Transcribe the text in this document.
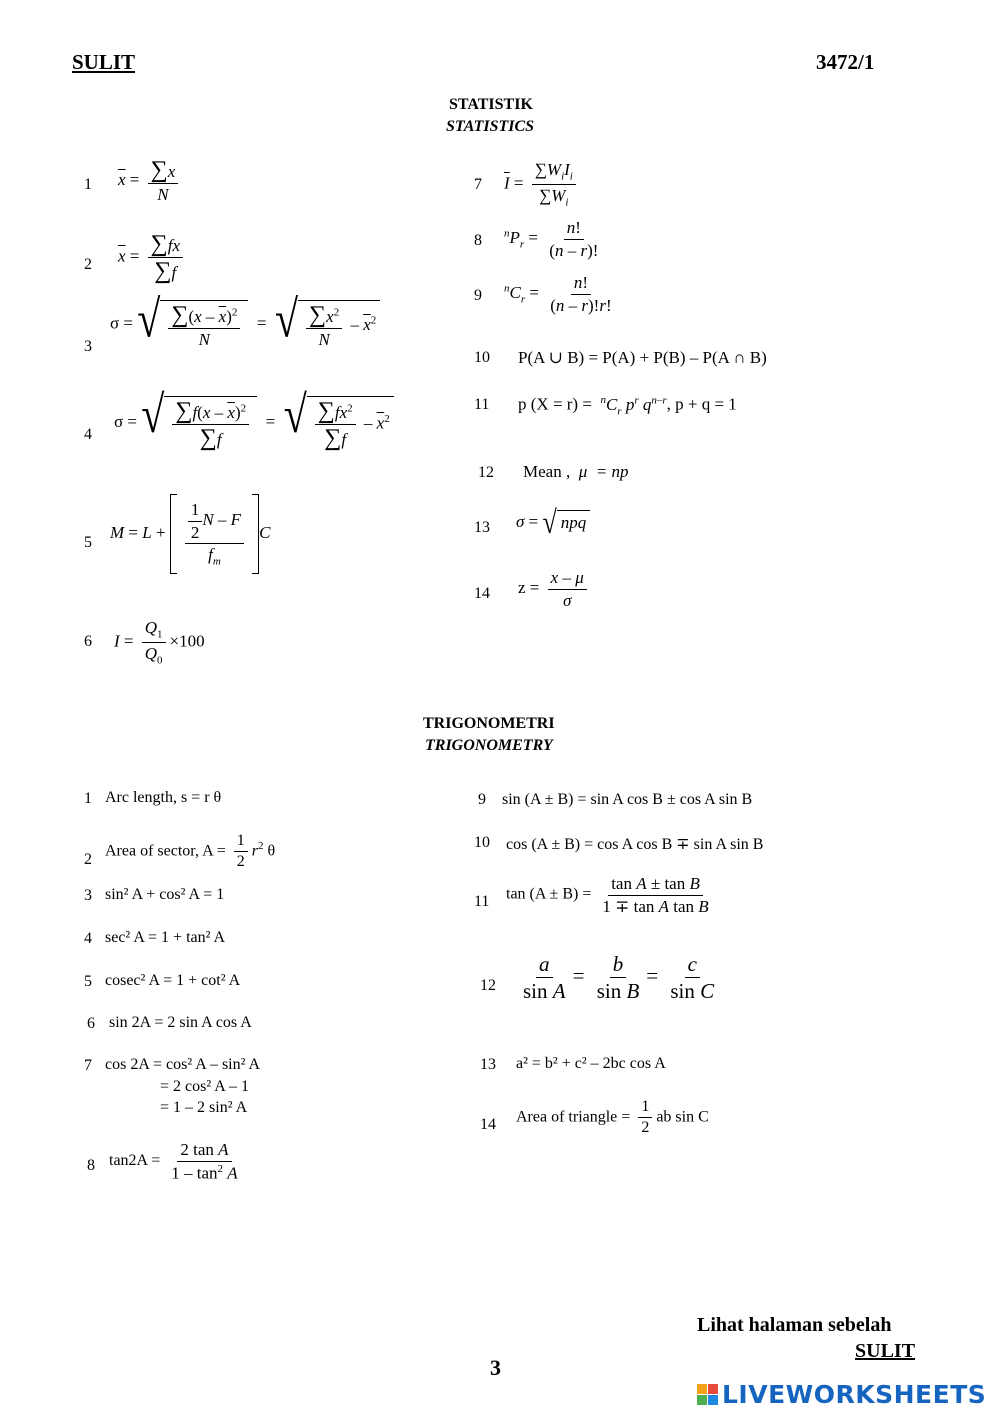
SULIT	3472/1
STATISTIK
STATISTICS
1 $\overline{x} = \frac{\sum x}{N}$
2 $\overline{x} = \frac{\sum fx}{\sum f}$
3
σ = √ $\frac{\sum(x - \overline{x})^2}{N}$ = √ $\frac{\sum x^2}{N} - \overline{x}^2$
4
σ = √ $\frac{\sum f(x - \overline{x})^2}{\sum f}$ = √ $\frac{\sum fx^2}{\sum f} - \overline{x}^2$
5
$M = L + \frac{\frac{1}{2} N - F}{f_m}$ C
6 $I = \frac{Q_1}{Q_0} \times 100$
7 $\overline{I} = \frac{\sum W_iI_i}{\sum W_i}$
8 $^nP_r = \frac{n!}{(n - r)!}$
9 $^nC_r = \frac{n!}{(n - r)!r!}$
10 P(A ∪ B) = P(A) + P(B) – P(A ∩ B)
11 p $(X = r) = ^nC_r$ $p^r$ $q^{n-r}$, p + q = 1
12 Mean , μ = np
13 σ = √ npq
14 $z = \frac{x - \mu}{\sigma}$
TRIGONOMETRI
TRIGONOMETRY
1 Arc length, s = r θ
2 Area of sector, $A = \frac{1}{2} r^2$ θ
3 sin² A + cos² A = 1
4 sec² A = 1 + tan² A
5 cosec² A = 1 + cot² A
6 sin 2A = 2 sin A cos A
7 cos 2A = cos² A – sin² A
= 2 cos² A – 1
= 1 – 2 sin² A
8 $\tan 2A = \frac{\text{2 tan A}}{1 - \tan^2 A}$
9 sin (A ± B) = sin A cos B ± cos A sin B
10 cos (A ± B) = cos A cos B ∓ sin A sin B
11 $\tan (A \pm B) = \frac{\text{tan A ± tan B}}{\text{1 ∓ tan A tan B}}$
$12 \frac{a}{\text{sin A}} = \frac{b}{\text{sin B}} = \frac{c}{\text{sin C}}$
13 a² = b² + c² – 2bc cos A
14 Area of triangle = $\frac{1}{2}$ ab sin C
Lihat halaman sebelah
SULIT
3
LIVEWORKSHEETS
